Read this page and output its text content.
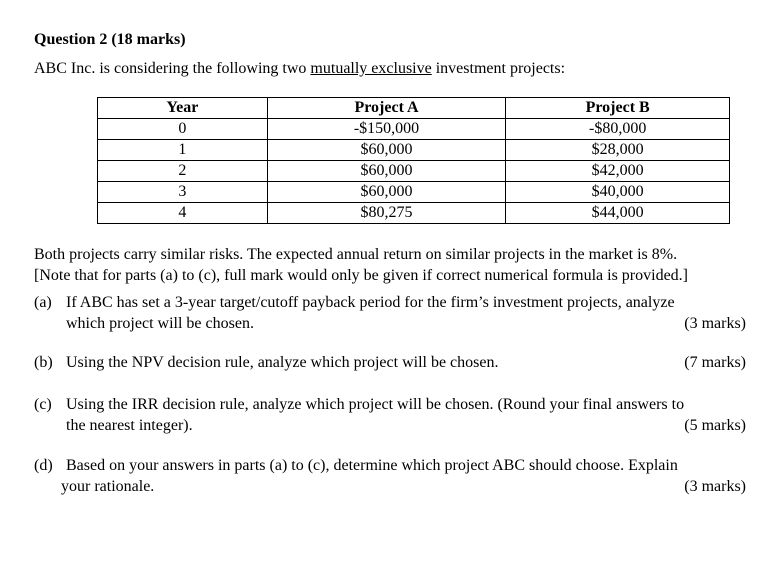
Question 2 (18 marks)
ABC Inc. is considering the following two mutually exclusive investment projects:
Year	Project A	Project B
0	-$150,000	-$80,000
1	$60,000	$28,000
2	$60,000	$42,000
3	$60,000	$40,000
4	$80,275	$44,000
Both projects carry similar risks. The expected annual return on similar projects in the market is 8%.
[Note that for parts (a) to (c), full mark would only be given if correct numerical formula is provided.]
(a) If ABC has set a 3-year target/cutoff payback period for the firm’s investment projects, analyze
which project will be chosen.	(3 marks)
(b) Using the NPV decision rule, analyze which project will be chosen.	(7 marks)
(c) Using the IRR decision rule, analyze which project will be chosen. (Round your final answers to
the nearest integer).	(5 marks)
(d) Based on your answers in parts (a) to (c), determine which project ABC should choose. Explain
your rationale.	(3 marks)
